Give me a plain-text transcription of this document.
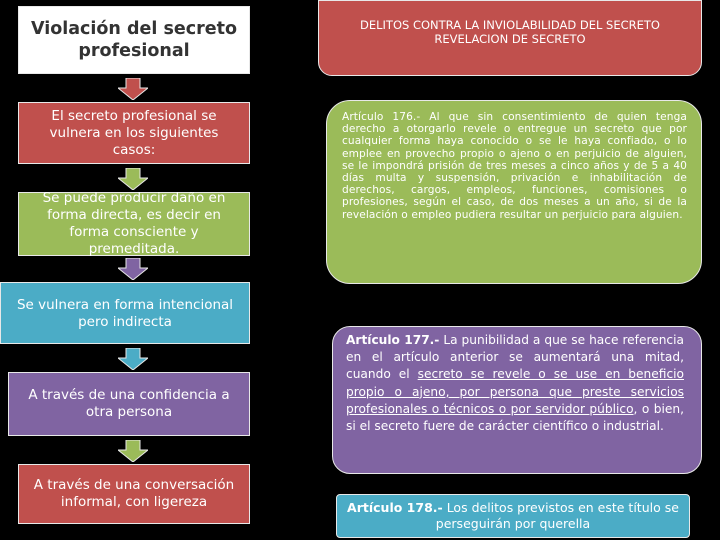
Violación del secreto profesional
El secreto profesional se vulnera en los siguientes casos:
Se puede producir daño en forma directa, es decir en forma consciente y premeditada.
Se vulnera en forma intencional pero indirecta
A través de una confidencia a otra persona
A través de una conversación informal, con ligereza
DELITOS CONTRA LA INVIOLABILIDAD DEL SECRETO REVELACION DE SECRETO
Artículo 176.- Al que sin consentimiento de quien tenga derecho a otorgarlo revele o entregue un secreto que por cualquier forma haya conocido o se le haya confiado, o lo emplee en provecho propio o ajeno o en perjuicio de alguien, se le impondrá prisión de tres meses a cinco años y de 5 a 40 días multa y suspensión, privación e inhabilitación de derechos, cargos, empleos, funciones, comisiones o profesiones, según el caso, de dos meses a un año, si de la revelación o empleo pudiera resultar un perjuicio para alguien.
Artículo 177.- La punibilidad a que se hace referencia en el artículo anterior se aumentará una mitad, cuando el secreto se revele o se use en beneficio propio o ajeno, por persona que preste servicios profesionales o técnicos o por servidor público, o bien, si el secreto fuere de carácter científico o industrial.
Artículo 178.- Los delitos previstos en este título se perseguirán por querella
